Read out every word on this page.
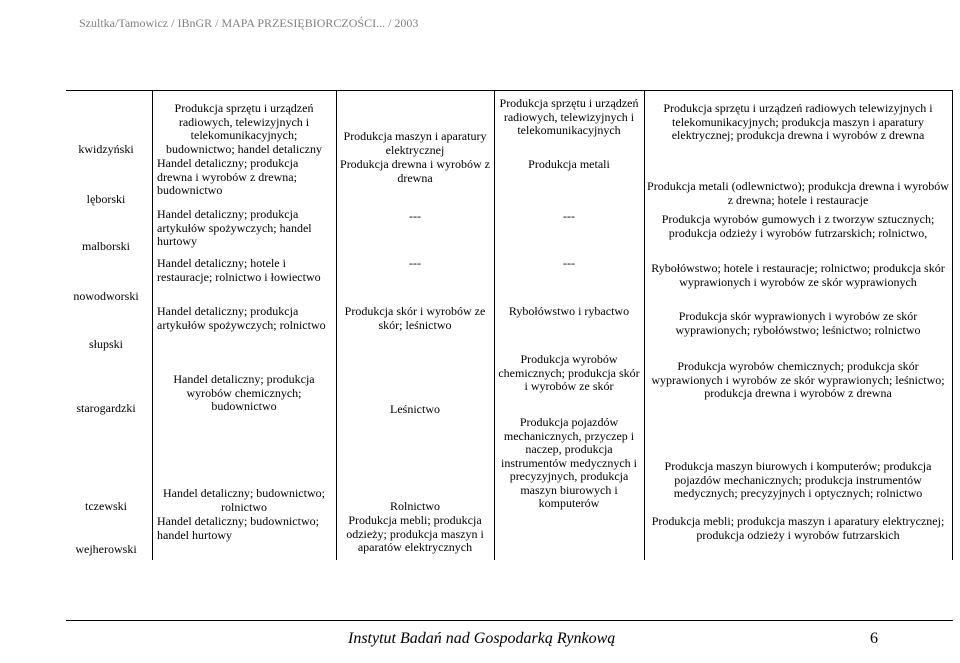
Szultka/Tamowicz / IBnGR / MAPA PRZESIĘBIORCZOŚCI... / 2003
kwidzyński
lęborski
malborski
nowodworski
słupski
starogardzki
tczewski
wejherowski
Produkcja sprzętu i urządzeń radiowych, telewizyjnych i telekomunikacyjnych; budownictwo; handel detaliczny
Handel detaliczny; produkcja drewna i wyrobów z drewna; budownictwo
Handel detaliczny; produkcja artykułów spożywczych; handel hurtowy
Handel detaliczny; hotele i restauracje; rolnictwo i łowiectwo
Handel detaliczny; produkcja artykułów spożywczych; rolnictwo
Handel detaliczny; produkcja wyrobów chemicznych; budownictwo
Handel detaliczny; budownictwo; rolnictwo
Handel detaliczny; budownictwo; handel hurtowy
Produkcja maszyn i aparatury elektrycznej
Produkcja drewna i wyrobów z drewna
---
---
Produkcja skór i wyrobów ze skór; leśnictwo
Leśnictwo
Rolnictwo
Produkcja mebli; produkcja odzieży; produkcja maszyn i aparatów elektrycznych
Produkcja sprzętu i urządzeń radiowych, telewizyjnych i telekomunikacyjnych
Produkcja metali
---
---
Rybołówstwo i rybactwo
Produkcja wyrobów chemicznych; produkcja skór i wyrobów ze skór
Produkcja pojazdów mechanicznych, przyczep i naczep, produkcja instrumentów medycznych i precyzyjnych, produkcja maszyn biurowych i komputerów
Produkcja sprzętu i urządzeń radiowych telewizyjnych i telekomunikacyjnych; produkcja maszyn i aparatury elektrycznej; produkcja drewna i wyrobów z drewna
Produkcja metali (odlewnictwo); produkcja drewna i wyrobów z drewna; hotele i restauracje
Produkcja wyrobów gumowych i z tworzyw sztucznych; produkcja odzieży i wyrobów futrzarskich; rolnictwo,
Rybołówstwo; hotele i restauracje; rolnictwo; produkcja skór wyprawionych i wyrobów ze skór wyprawionych
Produkcja skór wyprawionych i wyrobów ze skór wyprawionych; rybołówstwo; leśnictwo; rolnictwo
Produkcja wyrobów chemicznych; produkcja skór wyprawionych i wyrobów ze skór wyprawionych; leśnictwo; produkcja drewna i wyrobów z drewna
Produkcja maszyn biurowych i komputerów; produkcja pojazdów mechanicznych; produkcja instrumentów medycznych; precyzyjnych i optycznych; rolnictwo
Produkcja mebli; produkcja maszyn i aparatury elektrycznej; produkcja odzieży i wyrobów futrzarskich
Instytut Badań nad Gospodarką Rynkową	6
